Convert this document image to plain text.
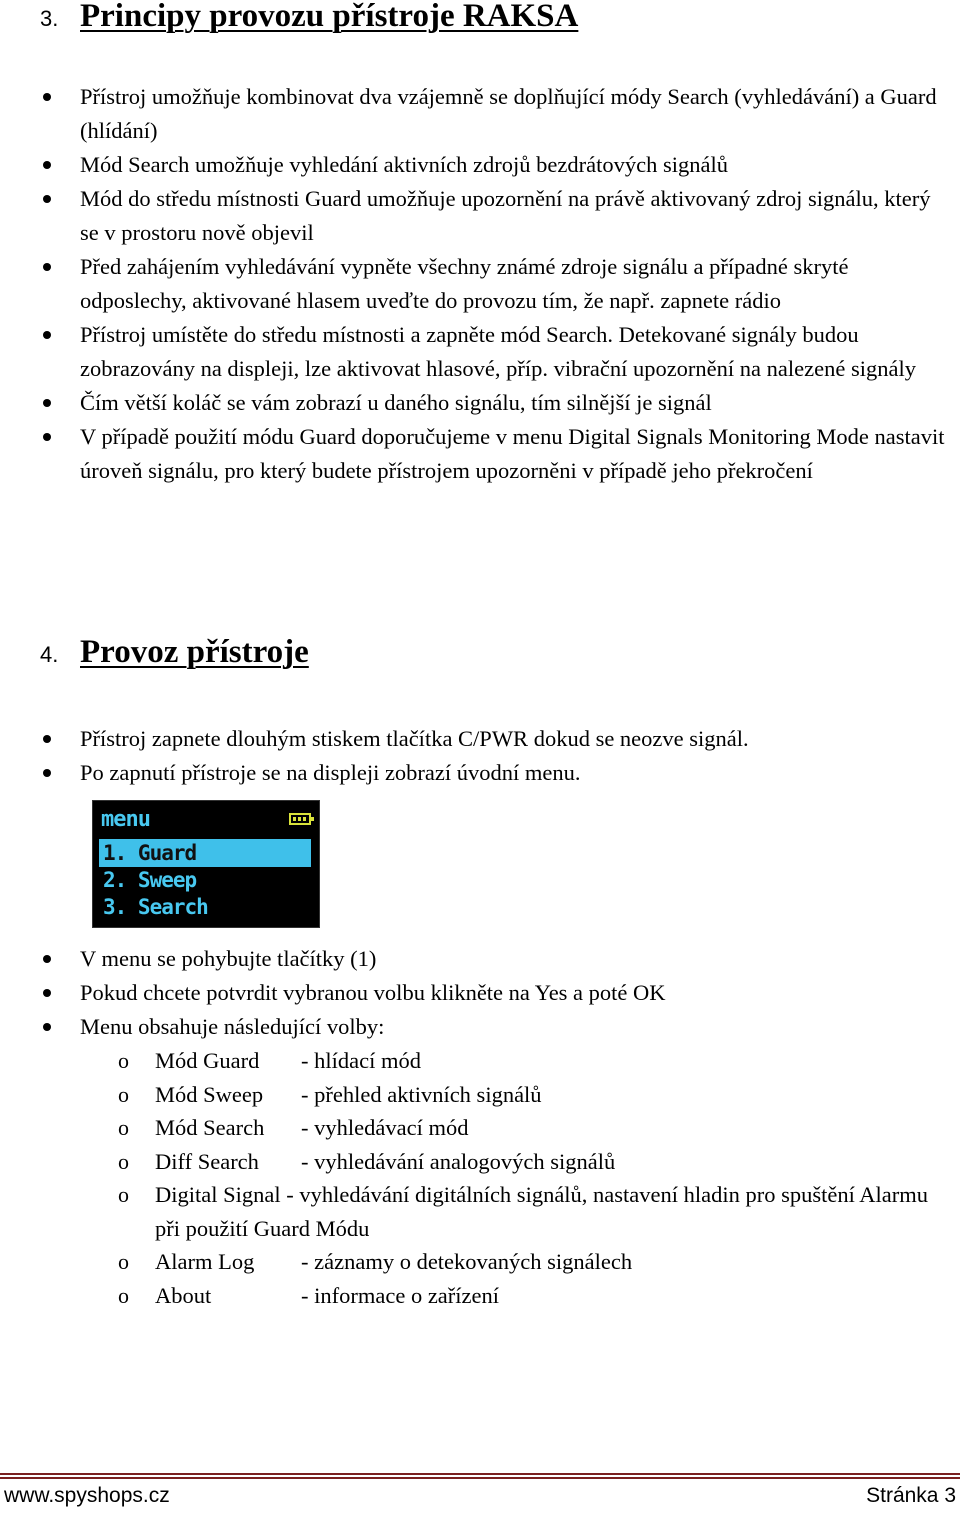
3. Principy provozu přístroje RAKSA
Přístroj umožňuje kombinovat dva vzájemně se doplňující módy Search (vyhledávání) a Guard (hlídání)
Mód Search umožňuje vyhledání aktivních zdrojů bezdrátových signálů
Mód do středu místnosti Guard umožňuje upozornění na právě aktivovaný zdroj signálu, který se v prostoru nově objevil
Před zahájením vyhledávání vypněte všechny známé zdroje signálu a případné skryté odposlechy, aktivované hlasem uveďte do provozu tím, že např. zapnete rádio
Přístroj umístěte do středu místnosti a zapněte mód Search. Detekované signály budou zobrazovány na displeji, lze aktivovat hlasové, příp. vibrační upozornění na nalezené signály
Čím větší koláč se vám zobrazí u daného signálu, tím silnější je signál
V případě použití módu Guard doporučujeme v menu Digital Signals Monitoring Mode nastavit úroveň signálu, pro který budete přístrojem upozorněni v případě jeho překročení
4. Provoz přístroje
Přístroj zapnete dlouhým stiskem tlačítka C/PWR dokud se neozve signál.
Po zapnutí přístroje se na displeji zobrazí úvodní menu.
menu
1. Guard
2. Sweep
3. Search
V menu se pohybujte tlačítky (1)
Pokud chcete potvrdit vybranou volbu klikněte na Yes a poté OK
Menu obsahuje následující volby:
o Mód Guard - hlídací mód
o Mód Sweep - přehled aktivních signálů
o Mód Search - vyhledávací mód
o Diff Search - vyhledávání analogových signálů
o Digital Signal - vyhledávání digitálních signálů, nastavení hladin pro spuštění Alarmu při použití Guard Módu
o Alarm Log - záznamy o detekovaných signálech
o About	- informace o zařízení
www.spyshops.cz	Stránka 3
